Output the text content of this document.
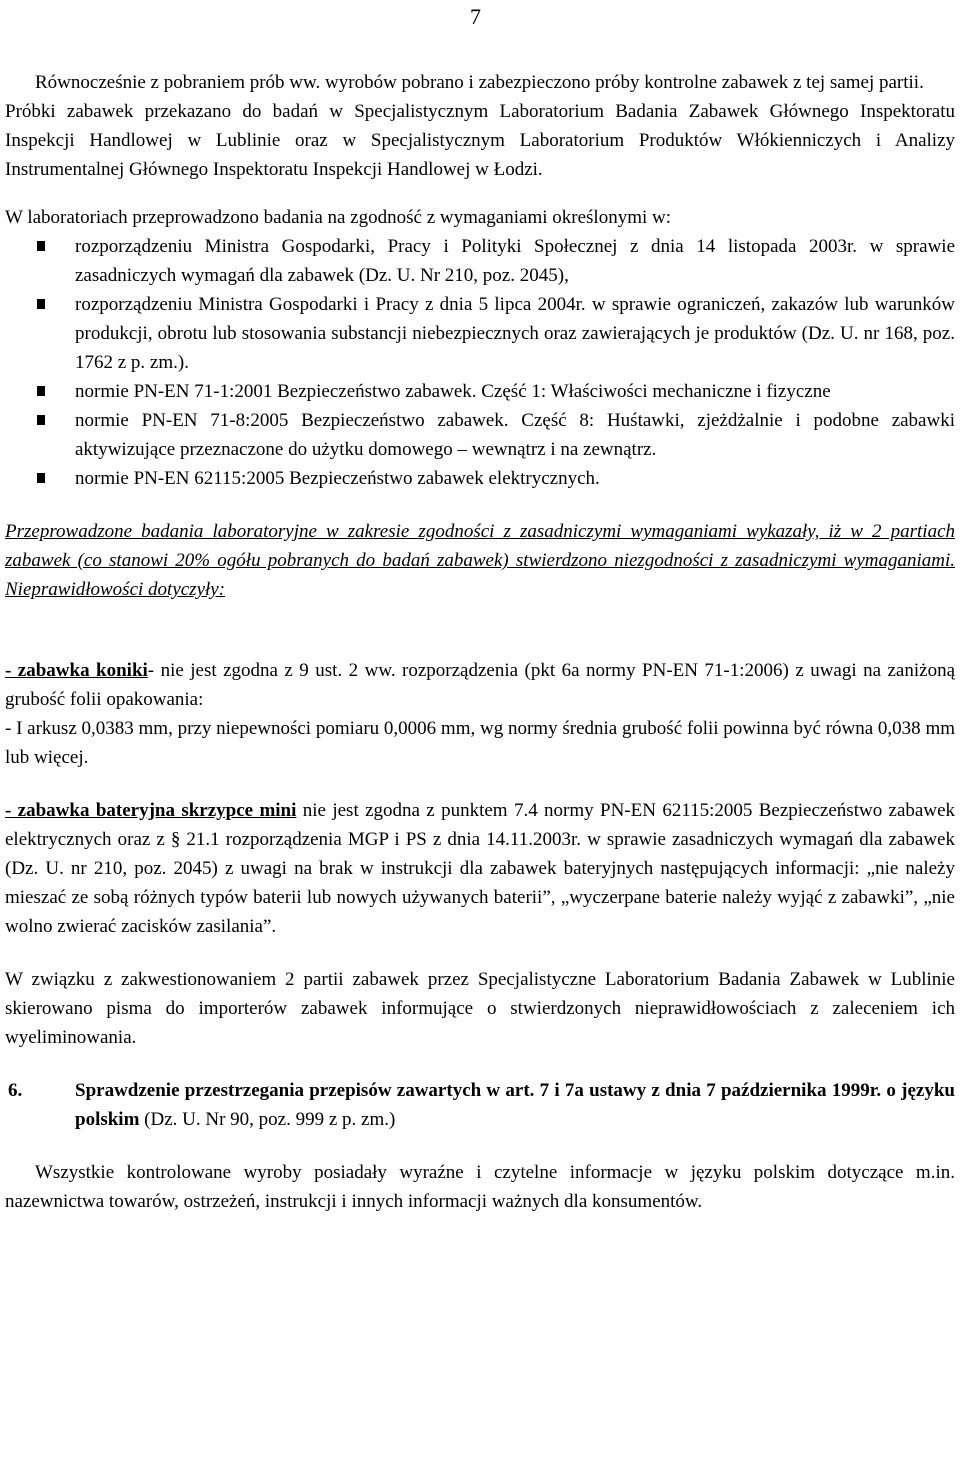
7

Równocześnie z pobraniem prób ww. wyrobów pobrano i zabezpieczono próby kontrolne zabawek z tej samej partii.

Próbki zabawek przekazano do badań w Specjalistycznym Laboratorium Badania Zabawek Głównego Inspektoratu Inspekcji Handlowej w Lublinie oraz w Specjalistycznym Laboratorium Produktów Włókienniczych i Analizy Instrumentalnej Głównego Inspektoratu Inspekcji Handlowej w Łodzi.

W laboratoriach przeprowadzono badania na zgodność z wymaganiami określonymi w:

rozporządzeniu Ministra Gospodarki, Pracy i Polityki Społecznej z dnia 14 listopada 2003r. w sprawie zasadniczych wymagań dla zabawek (Dz. U. Nr 210, poz. 2045),
rozporządzeniu Ministra Gospodarki i Pracy z dnia 5 lipca 2004r. w sprawie ograniczeń, zakazów lub warunków produkcji, obrotu lub stosowania substancji niebezpiecznych oraz zawierających je produktów (Dz. U. nr 168, poz. 1762 z p. zm.).
normie PN-EN 71-1:2001 Bezpieczeństwo zabawek. Część 1: Właściwości mechaniczne i fizyczne
normie PN-EN 71-8:2005 Bezpieczeństwo zabawek. Część 8: Huśtawki, zjeżdżalnie i podobne zabawki aktywizujące przeznaczone do użytku domowego – wewnątrz i na zewnątrz.
normie PN-EN 62115:2005 Bezpieczeństwo zabawek elektrycznych.

Przeprowadzone badania laboratoryjne w zakresie zgodności z zasadniczymi wymaganiami wykazały, iż w 2 partiach zabawek (co stanowi 20% ogółu pobranych do badań zabawek) stwierdzono niezgodności z zasadniczymi wymaganiami. Nieprawidłowości dotyczyły:

- zabawka koniki- nie jest zgodna z 9 ust. 2 ww. rozporządzenia (pkt 6a normy PN-EN 71-1:2006) z uwagi na zaniżoną grubość folii opakowania:

- I arkusz 0,0383 mm, przy niepewności pomiaru 0,0006 mm, wg normy średnia grubość folii powinna być równa 0,038 mm lub więcej.

- zabawka bateryjna skrzypce mini nie jest zgodna z punktem 7.4 normy PN-EN 62115:2005 Bezpieczeństwo zabawek elektrycznych oraz z § 21.1 rozporządzenia MGP i PS z dnia 14.11.2003r. w sprawie zasadniczych wymagań dla zabawek (Dz. U. nr 210, poz. 2045) z uwagi na brak w instrukcji dla zabawek bateryjnych następujących informacji: „nie należy mieszać ze sobą różnych typów baterii lub nowych używanych baterii”, „wyczerpane baterie należy wyjąć z zabawki”, „nie wolno zwierać zacisków zasilania”.

W związku z zakwestionowaniem 2 partii zabawek przez Specjalistyczne Laboratorium Badania Zabawek w Lublinie skierowano pisma do importerów zabawek informujące o stwierdzonych nieprawidłowościach z zaleceniem ich wyeliminowania.

6.	Sprawdzenie przestrzegania przepisów zawartych w art. 7 i 7a ustawy z dnia 7 października 1999r. o języku polskim (Dz. U. Nr 90, poz. 999 z p. zm.)

Wszystkie kontrolowane wyroby posiadały wyraźne i czytelne informacje w języku polskim dotyczące m.in. nazewnictwa towarów, ostrzeżeń, instrukcji i innych informacji ważnych dla konsumentów.
